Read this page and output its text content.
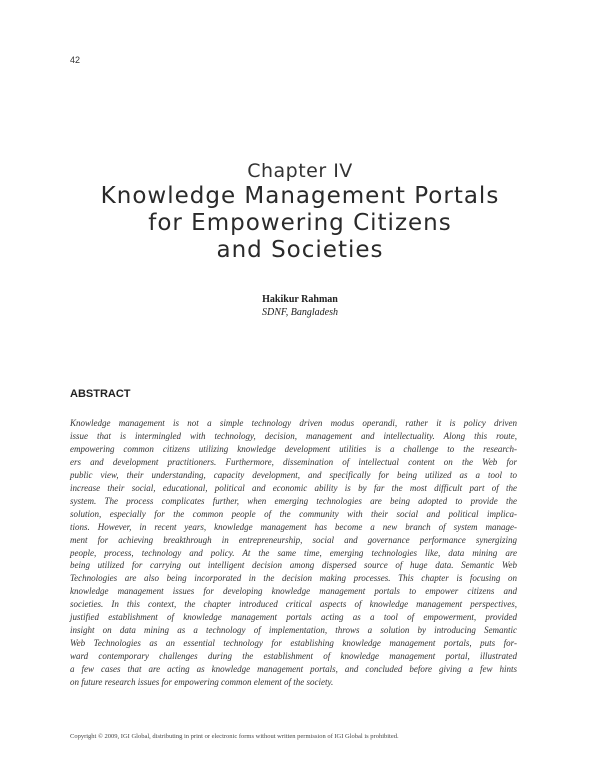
42
Chapter IV
Knowledge Management Portals
for Empowering Citizens
and Societies
Hakikur Rahman
SDNF, Bangladesh
ABSTRACT

Knowledge management is not a simple technology driven modus operandi, rather it is policy driven
issue that is intermingled with technology, decision, management and intellectuality. Along this route,
empowering common citizens utilizing knowledge development utilities is a challenge to the research-
ers and development practitioners. Furthermore, dissemination of intellectual content on the Web for
public view, their understanding, capacity development, and specifically for being utilized as a tool to
increase their social, educational, political and economic ability is by far the most difficult part of the
system. The process complicates further, when emerging technologies are being adopted to provide the
solution, especially for the common people of the community with their social and political implica-
tions. However, in recent years, knowledge management has become a new branch of system manage-
ment for achieving breakthrough in entrepreneurship, social and governance performance synergizing
people, process, technology and policy. At the same time, emerging technologies like, data mining are
being utilized for carrying out intelligent decision among dispersed source of huge data. Semantic Web
Technologies are also being incorporated in the decision making processes. This chapter is focusing on
knowledge management issues for developing knowledge management portals to empower citizens and
societies. In this context, the chapter introduced critical aspects of knowledge management perspectives,
justified establishment of knowledge management portals acting as a tool of empowerment, provided
insight on data mining as a technology of implementation, throws a solution by introducing Semantic
Web Technologies as an essential technology for establishing knowledge management portals, puts for-
ward contemporary challenges during the establishment of knowledge management portal, illustrated
a few cases that are acting as knowledge management portals, and concluded before giving a few hints
on future research issues for empowering common element of the society.

Copyright © 2009, IGI Global, distributing in print or electronic forms without written permission of IGI Global is prohibited.
